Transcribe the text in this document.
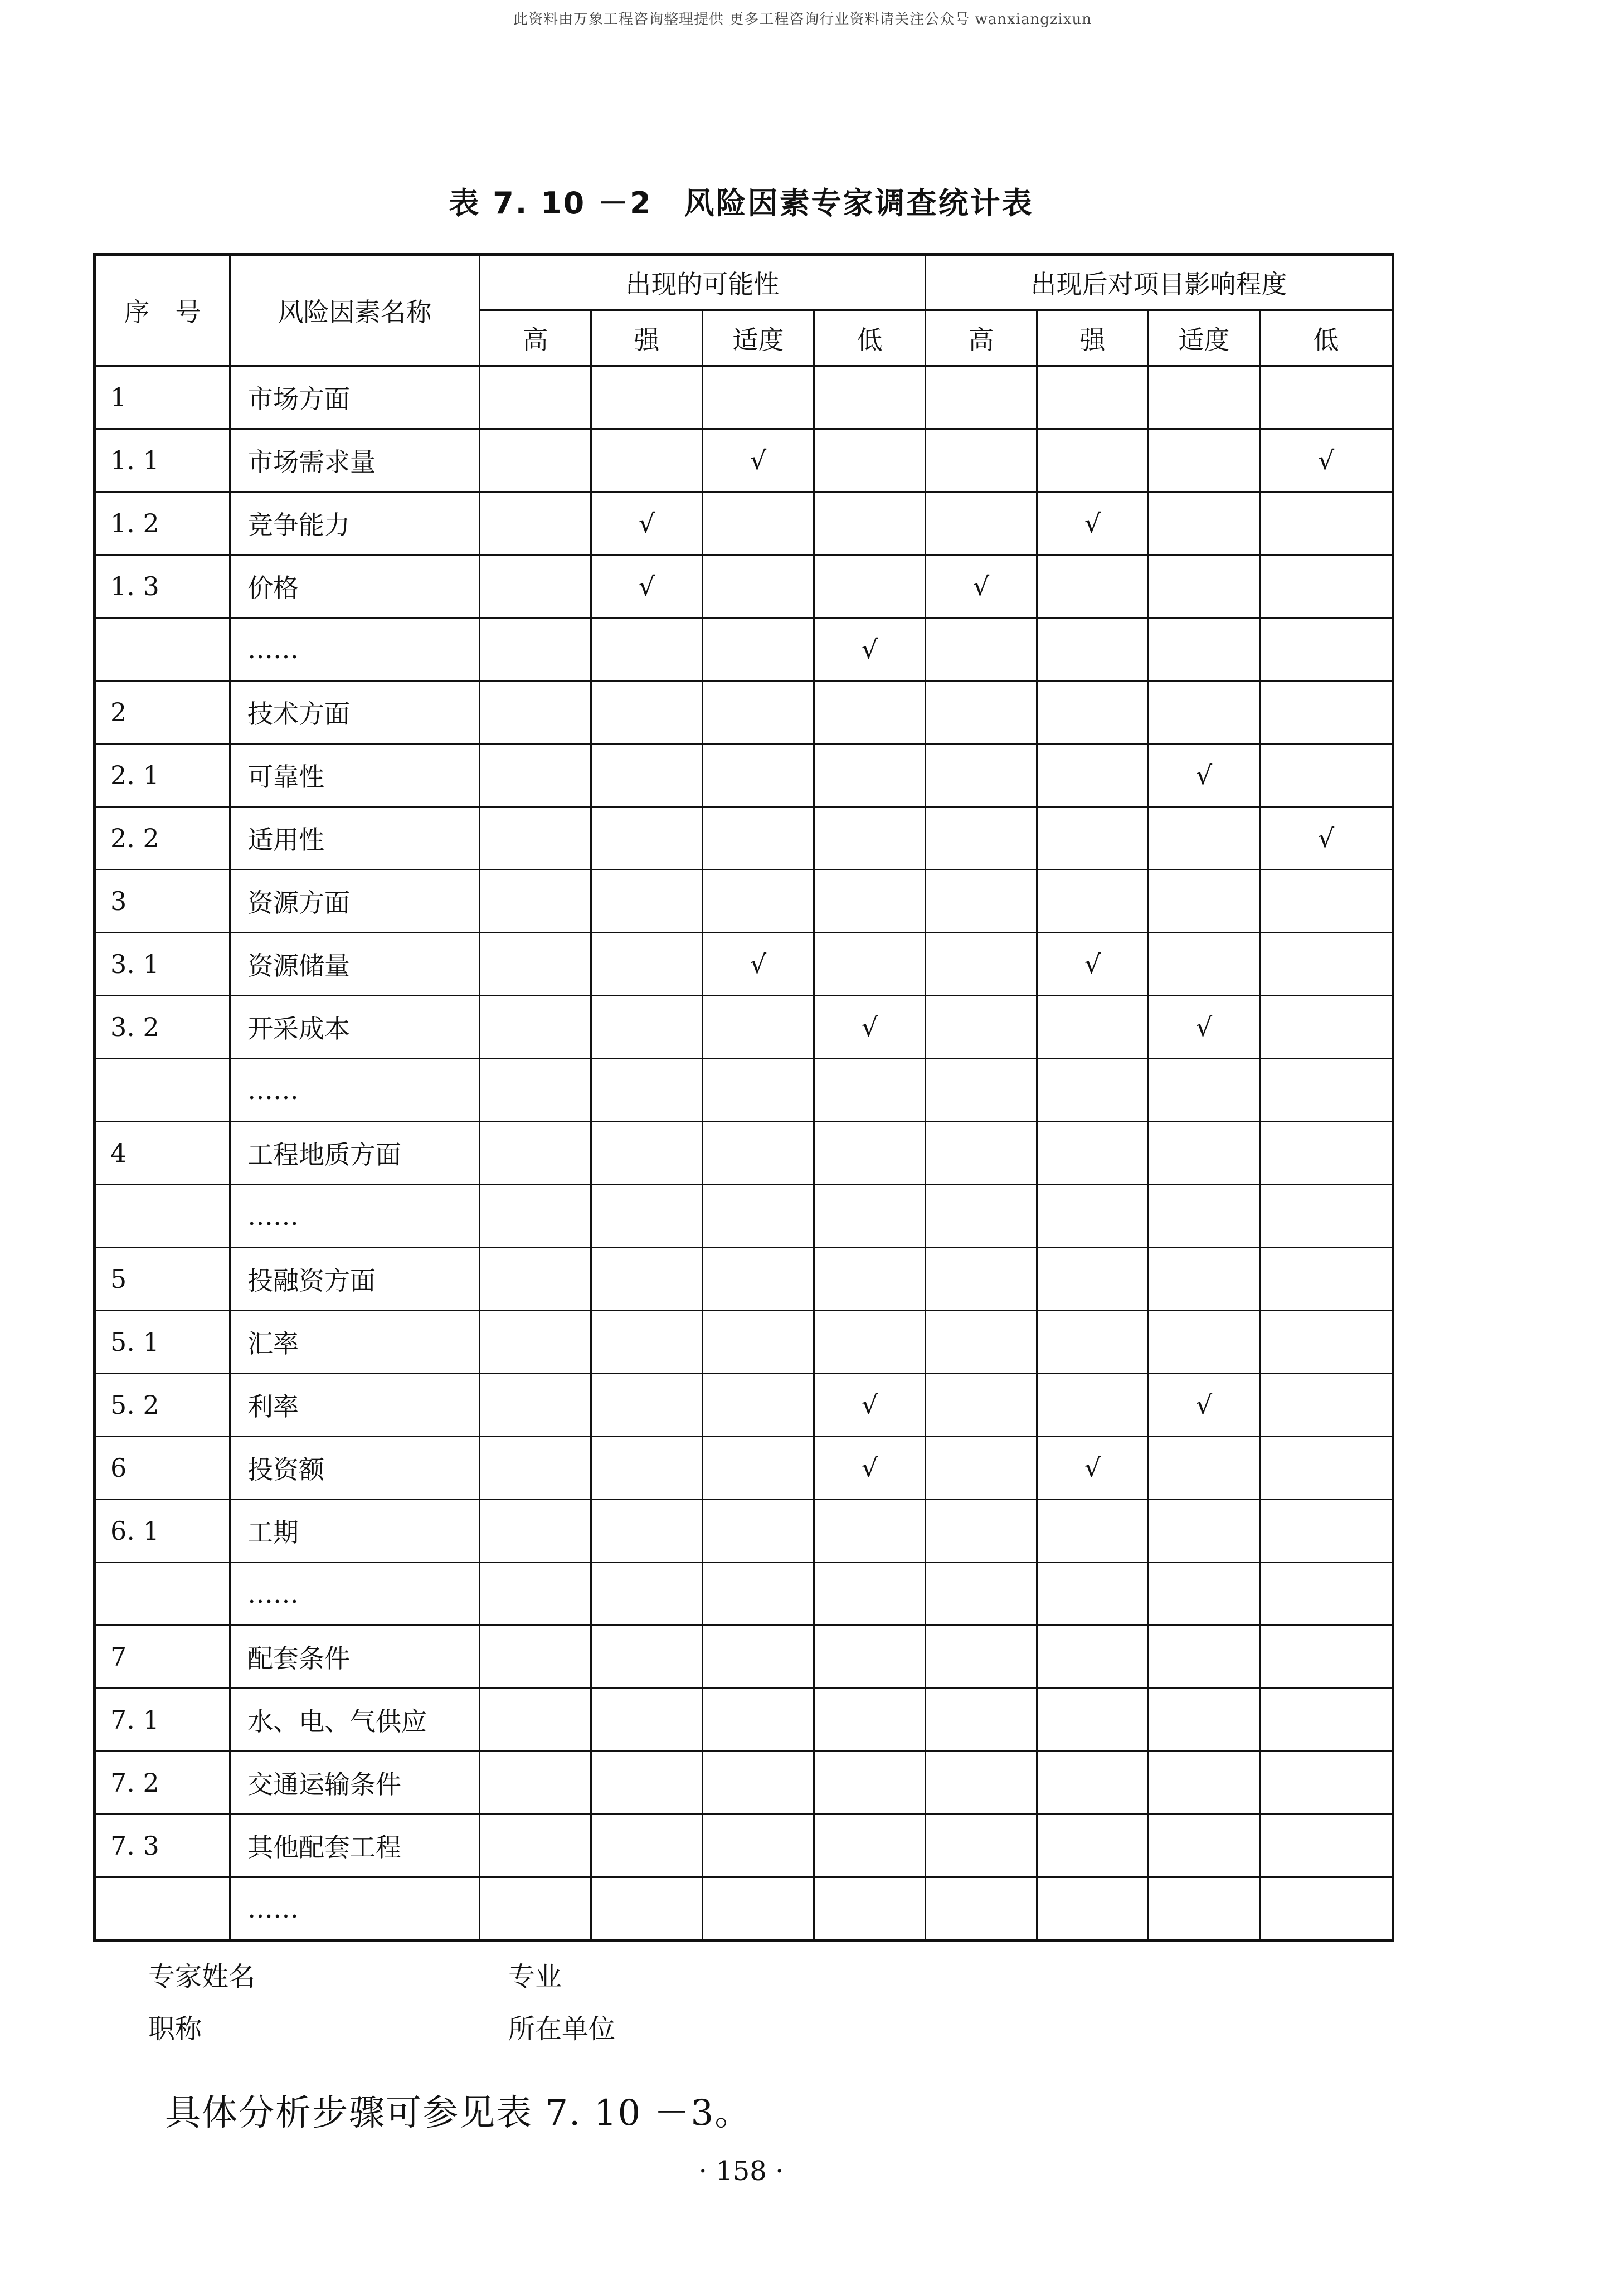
此资料由万象工程咨询整理提供 更多工程咨询行业资料请关注公众号 wanxiangzixun
表 7. 10 －2　风险因素专家调查统计表
序　号	风险因素名称	出现的可能性				出现后对项目影响程度			
		高	强	适度	低	高	强	适度	低
1	市场方面								
1. 1	市场需求量			√					√
1. 2	竞争能力		√				√		
1. 3	价格		√			√			
	……				√				
2	技术方面								
2. 1	可靠性							√	
2. 2	适用性								√
3	资源方面								
3. 1	资源储量			√			√		
3. 2	开采成本				√			√	
	……								
4	工程地质方面								
	……								
5	投融资方面								
5. 1	汇率								
5. 2	利率				√			√	
6	投资额				√		√		
6. 1	工期								
	……								
7	配套条件								
7. 1	水、电、气供应								
7. 2	交通运输条件								
7. 3	其他配套工程								
	……								
专家姓名	专业
职称	所在单位
具体分析步骤可参见表 7. 10 －3。
· 158 ·
